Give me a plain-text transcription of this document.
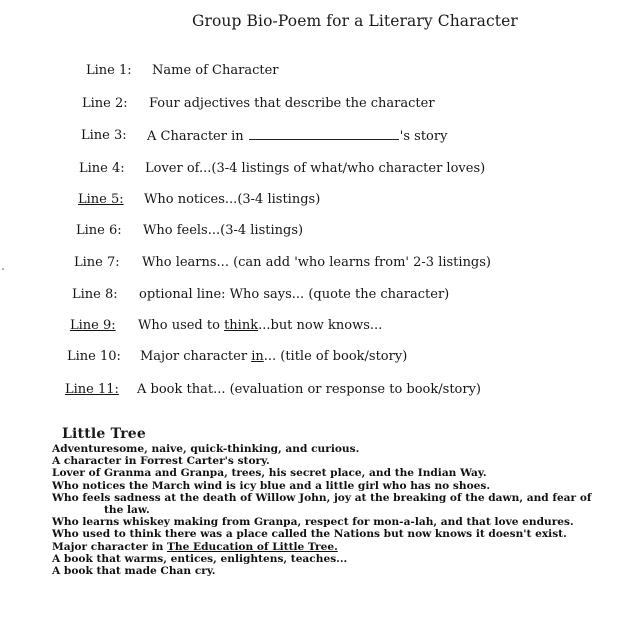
Group Bio-Poem for a Literary Character
Line 1: Name of Character
Line 2: Four adjectives that describe the character
Line 3: A Character in	's story
Line 4: Lover of...(3-4 listings of what/who character loves)
Line 5: Who notices...(3-4 listings)
Line 6: Who feels...(3-4 listings)
Line 7: Who learns... (can add 'who learns from' 2-3 listings)
Line 8: optional line: Who says... (quote the character)
Line 9: Who used to think...but now knows...
Line 10: Major character in... (title of book/story)
Line 11: A book that... (evaluation or response to book/story)
Little Tree
Adventuresome, naive, quick-thinking, and curious.
A character in Forrest Carter's story.
Lover of Granma and Granpa, trees, his secret place, and the Indian Way.
Who notices the March wind is icy blue and a little girl who has no shoes.
Who feels sadness at the death of Willow John, joy at the breaking of the dawn, and fear of
the law.
Who learns whiskey making from Granpa, respect for mon-a-lah, and that love endures.
Who used to think there was a place called the Nations but now knows it doesn't exist.
Major character in The Education of Little Tree.
A book that warms, entices, enlightens, teaches...
A book that made Chan cry.
